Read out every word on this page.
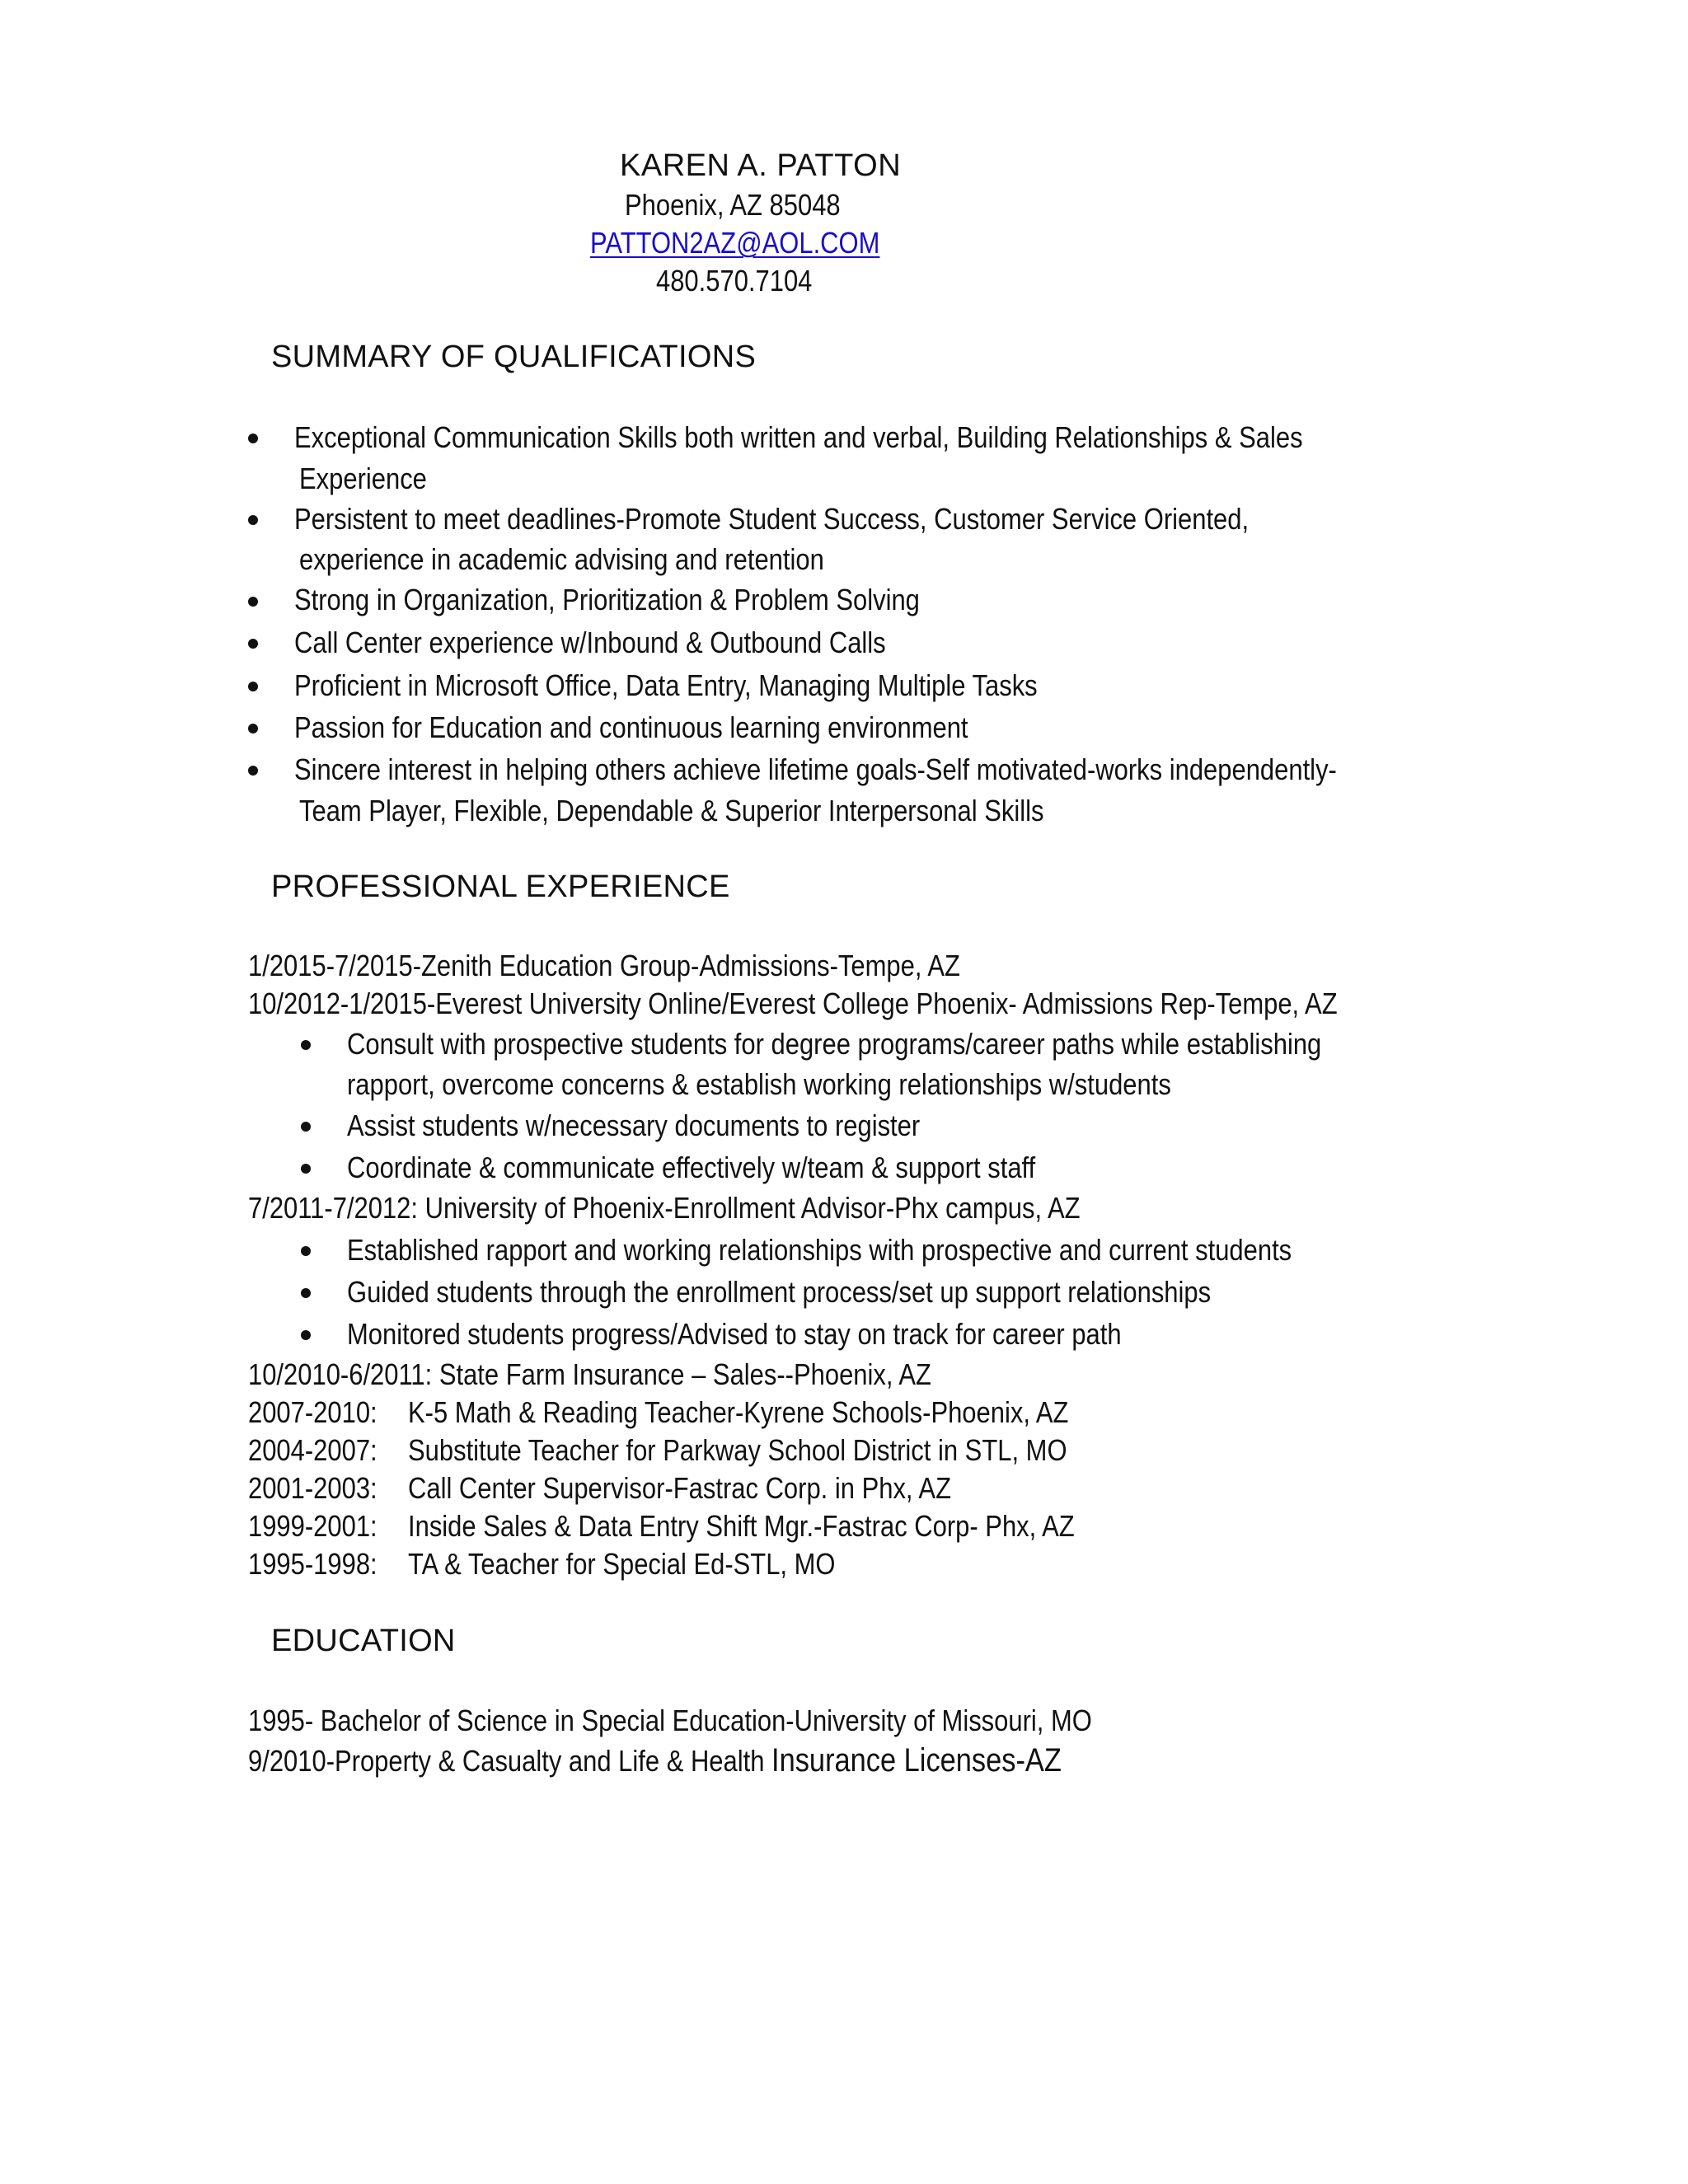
KAREN A. PATTON
Phoenix, AZ 85048
PATTON2AZ@AOL.COM
480.570.7104
SUMMARY OF QUALIFICATIONS
Exceptional Communication Skills both written and verbal, Building Relationships & Sales
Experience
Persistent to meet deadlines-Promote Student Success, Customer Service Oriented,
experience in academic advising and retention
Strong in Organization, Prioritization & Problem Solving
Call Center experience w/Inbound & Outbound Calls
Proficient in Microsoft Office, Data Entry, Managing Multiple Tasks
Passion for Education and continuous learning environment
Sincere interest in helping others achieve lifetime goals-Self motivated-works independently-
Team Player, Flexible, Dependable & Superior Interpersonal Skills
PROFESSIONAL EXPERIENCE
1/2015-7/2015-Zenith Education Group-Admissions-Tempe, AZ
10/2012-1/2015-Everest University Online/Everest College Phoenix- Admissions Rep-Tempe, AZ
Consult with prospective students for degree programs/career paths while establishing
rapport, overcome concerns & establish working relationships w/students
Assist students w/necessary documents to register
Coordinate & communicate effectively w/team & support staff
7/2011-7/2012: University of Phoenix-Enrollment Advisor-Phx campus, AZ
Established rapport and working relationships with prospective and current students
Guided students through the enrollment process/set up support relationships
Monitored students progress/Advised to stay on track for career path
10/2010-6/2011: State Farm Insurance – Sales--Phoenix, AZ
2007-2010: K-5 Math & Reading Teacher-Kyrene Schools-Phoenix, AZ
2004-2007: Substitute Teacher for Parkway School District in STL, MO
2001-2003: Call Center Supervisor-Fastrac Corp. in Phx, AZ
1999-2001: Inside Sales & Data Entry Shift Mgr.-Fastrac Corp- Phx, AZ
1995-1998: TA & Teacher for Special Ed-STL, MO
EDUCATION
1995- Bachelor of Science in Special Education-University of Missouri, MO
9/2010-Property & Casualty and Life & Health Insurance Licenses-AZ
